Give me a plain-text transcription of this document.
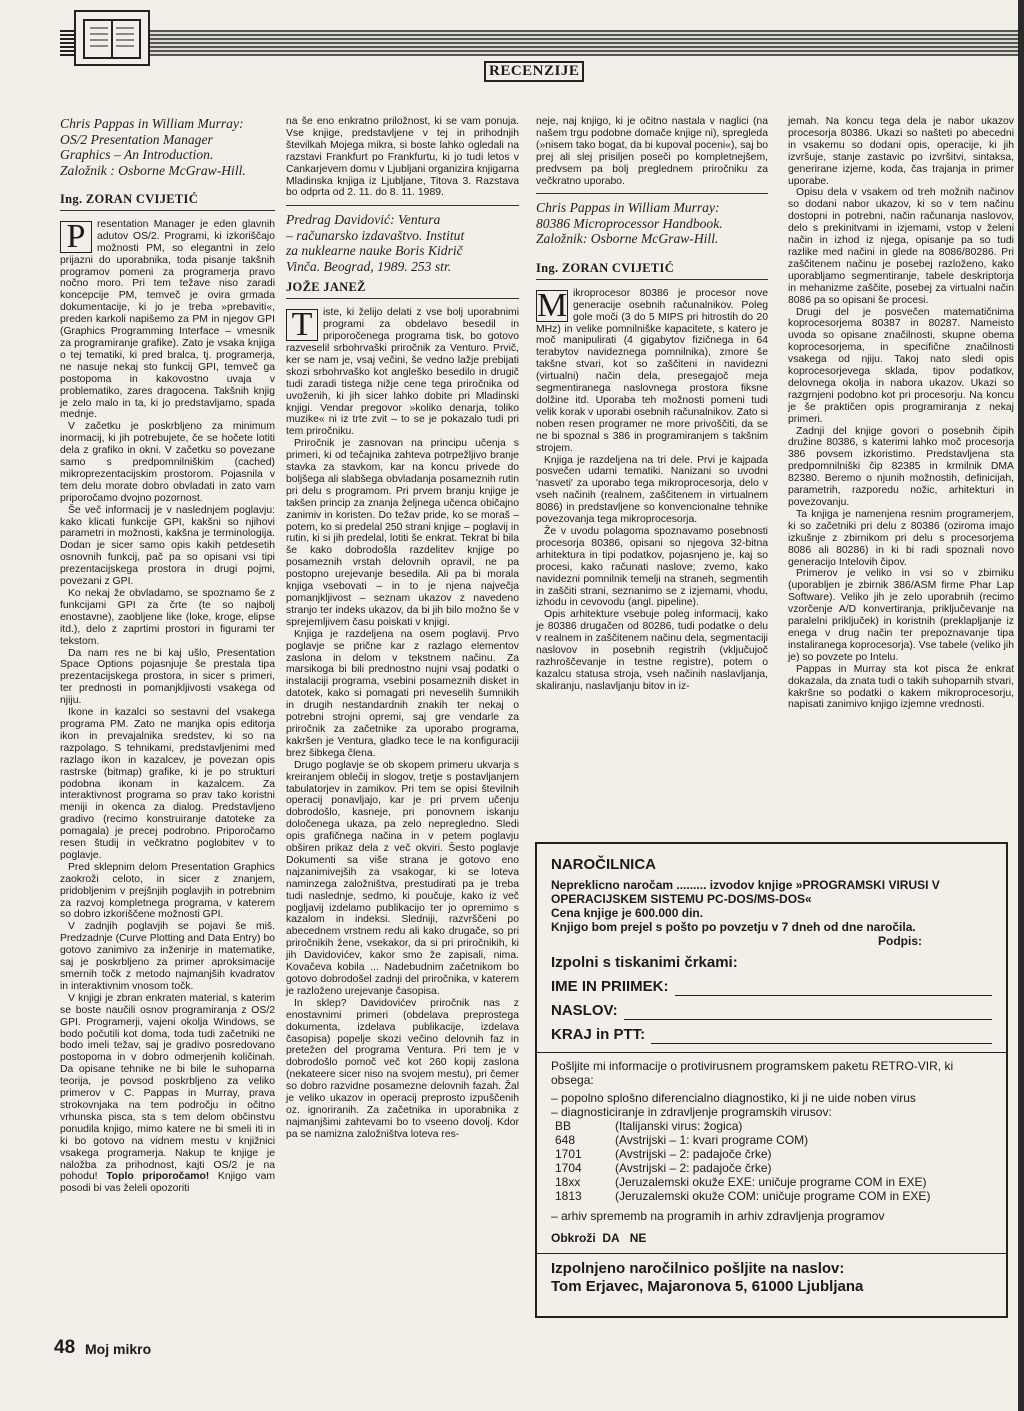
RECENZIJE
Chris Pappas in William Murray:
OS/2 Presentation Manager
Graphics – An Introduction.
Založnik : Osborne McGraw-Hill.
Ing. ZORAN CVIJETIĆ

P	resentation Manager je eden glavnih adutov OS/2. Programi, ki izkoriščajo možnosti PM, so elegantni in zelo prijazni do uporabnika, toda pisanje takšnih programov pomeni za programerja pravo nočno moro. Pri tem težave niso zaradi koncepcije PM, temveč je ovira grmada dokumentacije, ki jo je treba »prebaviti«, preden karkoli napišemo za PM in njegov GPI (Graphics Programming Interface – vmesnik za programiranje grafike). Zato je vsaka knjiga o tej tematiki, ki pred bralca, tj. programerja, ne nasuje nekaj sto funkcij GPI, temveč ga postopoma in kakovostno uvaja v problematiko, zares dragocena. Takšnih knjig je zelo malo in ta, ki jo predstavljamo, spada mednje.

V začetku je poskrbljeno za minimum inormacij, ki jih potrebujete, če se hočete lotiti dela z grafiko in okni. V začetku so povezane samo s predpomnilniškim (cached) mikroprezentacijskim prostorom. Pojasnila v tem delu morate dobro obvladati in zato vam priporočamo dvojno pozornost.

Še več informacij je v naslednjem poglavju: kako klicati funkcije GPI, kakšni so njihovi parametri in možnosti, kakšna je terminologija. Dodan je sicer samo opis kakih petdesetih osnovnih funkcij, pač pa so opisani vsi tipi prezentacijskega prostora in drugi pojmi, povezani z GPI.

Ko nekaj že obvladamo, se spoznamo še z funkcijami GPI za črte (te so najbolj enostavne), zaobljene like (loke, kroge, elipse itd.), delo z zaprtimi prostori in figurami ter tekstom.

Da nam res ne bi kaj ušlo, Presentation Space Options pojasnjuje še prestala tipa prezentacijskega prostora, in sicer s primeri, ter prednosti in pomanjkljivosti vsakega od njiju.

Ikone in kazalci so sestavni del vsakega programa PM. Zato ne manjka opis editorja ikon in prevajalnika sredstev, ki so na razpolago. S tehnikami, predstavljenimi med razlago ikon in kazalcev, je povezan opis rastrske (bitmap) grafike, ki je po strukturi podobna ikonam in kazalcem. Za interaktivnost programa so prav tako koristni meniji in okenca za dialog. Predstavljeno gradivo (recimo konstruiranje datoteke za pomagala) je precej podrobno. Priporočamo resen študij in večkratno poglobitev v to poglavje.

Pred sklepnim delom Presentation Graphics zaokroži celoto, in sicer z znanjem, pridobljenim v prejšnjih poglavjih in potrebnim za razvoj kompletnega programa, v katerem so dobro izkoriščene možnosti GPI.

V zadnjih poglavjih se pojavi še miš. Predzadnje (Curve Plotting and Data Entry) bo gotovo zanimivo za inženirje in matematike, saj je poskrbljeno za primer aproksimacije smernih točk z metodo najmanjših kvadratov in interaktivnim vnosom točk.

V knjigi je zbran enkraten material, s katerim se boste naučili osnov programiranja z OS/2 GPI. Programerji, vajeni okolja Windows, se bodo počutili kot doma, toda tudi začetniki ne bodo imeli težav, saj je gradivo posredovano postopoma in v dobro odmerjenih količinah. Da opisane tehnike ne bi bile le suhoparna teorija, je povsod poskrbljeno za veliko primerov v C. Pappas in Murray, prava strokovnjaka na tem področju in očitno vrhunska pisca, sta s tem delom občinstvu ponudila knjigo, mimo katere ne bi smeli iti in ki bo gotovo na vidnem mestu v knjižnici vsakega programerja. Nakup te knjige je naložba za prihodnost, kajti OS/2 je na pohodu! Toplo priporočamo! Knjigo vam posodi bi vas želeli opozoriti

na še eno enkratno priložnost, ki se vam ponuja. Vse knjige, predstavljene v tej in prihodnjih številkah Mojega mikra, si boste lahko ogledali na razstavi Frankfurt po Frankfurtu, ki jo tudi letos v Cankarjevem domu v Ljubljani organizira knjigarna Mladinska knjiga iz Ljubljane, Titova 3. Razstava bo odprta od 2. 11. do 8. 11. 1989.

Predrag Davidović: Ventura
– računarsko izdavaštvo. Institut
za nuklearne nauke Boris Kidrič
Vinča. Beograd, 1989. 253 str.
JOŽE JANEŽ

T	iste, ki želijo delati z vse bolj uporabnimi programi za obdelavo besedil in priporočenega programa tisk, bo gotovo razveselil srbohrvaški priročnik za Venturo. Prvič, ker se nam je, vsaj večini, še vedno lažje prebijati skozi srbohrvaško kot angleško besedilo in drugič tudi zaradi tistega nižje cene tega priročnika od uvoženih, ki jih sicer lahko dobite pri Mladinski knjigi. Vendar pregovor »koliko denarja, toliko muzike« ni iz trte zvit – to se je pokazalo tudi pri tem priročniku.

Priročnik je zasnovan na principu učenja s primeri, ki od tečajnika zahteva potrpežljivo branje stavka za stavkom, kar na koncu privede do boljšega ali slabšega obvladanja posameznih rutin pri delu s programom. Pri prvem branju knjige je takšen princip za znanja željnega učenca običajno zanimiv in koristen. Do težav pride, ko se moraš – potem, ko si predelal 250 strani knjige – poglavij in rutin, ki si jih predelal, lotiti še enkrat. Tekrat bi bila še kako dobrodošla razdelitev knjige po posameznih vrstah delovnih opravil, ne pa postopno urejevanje besedila. Ali pa bi morala knjiga vsebovati – in to je njena največja pomanjkljivost – seznam ukazov z navedeno stranjo ter indeks ukazov, da bi jih bilo možno še v sprejemljivem času poiskati v knjigi.

Knjiga je razdeljena na osem poglavij. Prvo poglavje se prične kar z razlago elementov zaslona in delom v tekstnem načinu. Za marsikoga bi bili prednostno nujni vsaj podatki o instalaciji programa, vsebini posameznih disket in datotek, kako si pomagati pri neveselih šumnikih in drugih nestandardnih znakih ter nekaj o potrebni strojni opremi, saj gre vendarle za priročnik za začetnike za uporabo programa, kakršen je Ventura, gladko tece le na konfiguraciji brez šibkega člena.

Drugo poglavje se ob skopem primeru ukvarja s kreiranjem oblečij in slogov, tretje s postavljanjem tabulatorjev in zamikov. Pri tem se opisi številnih operacij ponavljajo, kar je pri prvem učenju dobrodošlo, kasneje, pri ponovnem iskanju določenega ukaza, pa zelo nepregledno. Sledi opis grafičnega načina in v petem poglavju obširen prikaz dela z več okviri. Šesto poglavje Dokumenti sa više strana je gotovo eno najzanimivejših za vsakogar, ki se loteva naminzega založništva, prestudirati pa je treba tudi naslednje, sedmo, ki poučuje, kako iz več pogljavij izdelamo publikacijo ter jo opremimo s kazalom in indeksi. Sledniji, razvrščeni po abecednem vrstnem redu ali kako drugače, so pri priročnikih žene, vsekakor, da si pri priročnikih, ki jih Davidovićev, kakor smo že zapisali, nima. Kovačeva kobila ... Nadebudnim začetnikom bo gotovo dobrodošel zadnji del priročnika, v katerem je razloženo urejevanje časopisa.

In sklep? Davidovićev priročnik nas z enostavnimi primeri (obdelava preprostega dokumenta, izdelava publikacije, izdelava časopisa) popelje skozi večino delovnih faz in pretežen del programa Ventura. Pri tem je v dobrodošlo pomoč več kot 260 kopij zaslona (nekateere sicer niso na svojem mestu), pri čemer so dobro razvidne posamezne delovnih fazah. Žal je veliko ukazov in operacij preprosto izpuščenih oz. ignoriranih. Za začetnika in uporabnika z najmanjšimi zahtevami bo to vseeno dovolj. Kdor pa se namizna založništva loteva res-

neje, naj knjigo, ki je očitno nastala v naglici (na našem trgu podobne domače knjige ni), spregleda (»nisem tako bogat, da bi kupoval poceni«), saj bo prej ali slej prisiljen poseči po kompletnejšem, predvsem pa bolj preglednem priročniku za večkratno uporabo.

Chris Pappas in William Murray:
80386 Microprocessor Handbook.
Založnik: Osborne McGraw-Hill.
Ing. ZORAN CVIJETIĆ

M ikroprocesor 80386 je procesor nove generacije osebnih računalnikov. Poleg gole moči (3 do 5 MIPS pri hitrostih do 20 MHz) in velike pomnilniške kapacitete, s katero je moč manipulirati (4 gigabytov fizičnega in 64 terabytov navideznega pomnilnika), zmore še takšne stvari, kot so zaščiteni in navidezni (virtualni) način dela, presegajoč meja segmentiranega naslovnega prostora fiksne dolžine itd. Uporaba teh možnosti pomeni tudi velik korak v uporabi osebnih računalnikov. Zato si noben resen programer ne more privoščiti, da se ne bi spoznal s 386 in programiranjem s takšnim strojem.

Knjiga je razdeljena na tri dele. Prvi je kajpada posvečen udarni tematiki. Nanizani so uvodni 'nasveti' za uporabo tega mikroprocesorja, delo v vseh načinih (realnem, zaščitenem in virtualnem 8086) in predstavljene so konvencionalne tehnike povezovanja tega mikroprocesorja.

Že v uvodu polagoma spoznavamo posebnosti procesorja 80386, opisani so njegova 32-bitna arhitektura in tipi podatkov, pojasnjeno je, kaj so procesi, kako računati naslove; zvemo, kako navidezni pomnilnik temelji na straneh, segmentih in zaščiti strani, seznanimo se z izjemami, vhodu, izhodu in cevovodu (angl. pipeline).

Opis arhitekture vsebuje poleg informacij, kako je 80386 drugačen od 80286, tudi podatke o delu v realnem in zaščitenem načinu dela, segmentaciji naslovov in posebnih registrih (vključujoč razhroščevanje in testne registre), potem o kazalcu statusa stroja, vseh načinih naslavljanja, skaliranju, naslavljanju bitov in iz-

jemah. Na koncu tega dela je nabor ukazov procesorja 80386. Ukazi so našteti po abecedni in vsakemu so dodani opis, operacije, ki jih izvršuje, stanje zastavic po izvršitvi, sintaksa, generirane izjeme, koda, čas trajanja in primer uporabe.

Opisu dela v vsakem od treh možnih načinov so dodani nabor ukazov, ki so v tem načinu dostopni in potrebni, način računanja naslovov, delo s prekinitvami in izjemami, vstop v želeni način in izhod iz njega, opisanje pa so tudi razlike med načini in glede na 8086/80286. Pri zaščitenem načinu je posebej razloženo, kako uporabljamo segmentiranje, tabele deskriptorja in mehanizme zaščite, posebej za virtualni način 8086 pa so opisani še procesi.

Drugi del je posvečen matematičnima koprocesorjema 80387 in 80287. Nameisto uvoda so opisane značilnosti, skupne obema koprocesorjema, in specifične značilnosti vsakega od njiju. Takoj nato sledi opis koprocesorjevega sklada, tipov podatkov, delovnega okolja in nabora ukazov. Ukazi so razgrnjeni podobno kot pri procesorju. Na koncu je še praktičen opis programiranja z nekaj primeri.

Zadnji del knjige govori o posebnih čipih družine 80386, s katerimi lahko moč procesorja 386 povsem izkoristimo. Predstavljena sta predpomnilniški čip 82385 in krmilnik DMA 82380. Beremo o njunih možnostih, definicijah, parametrih, razporedu nožic, arhitekturi in povezovanju.

Ta knjiga je namenjena resnim programerjem, ki so začetniki pri delu z 80386 (oziroma imajo izkušnje z zbirnikom pri delu s procesorjema 8086 ali 80286) in ki bi radi spoznali novo generacijo Intelovih čipov.

Primerov je veliko in vsi so v zbirniku (uporabljen je zbirnik 386/ASM firme Phar Lap Software). Veliko jih je zelo uporabnih (recimo vzorčenje A/D konvertiranja, priključevanje na paralelni priključek) in koristnih (preklapljanje iz enega v drug način ter prepoznavanje tipa instaliranega koprocesorja). Vse tabele (veliko jih je) so povzete po Intelu.

Pappas in Murray sta kot pisca že enkrat dokazala, da znata tudi o takih suhoparnih stvari, kakršne so podatki o kakem mikroprocesorju, napisati zanimivo knjigo izjemne vrednosti.

NAROČILNICA
Nepreklicno naročam ......... izvodov knjige »PROGRAMSKI VIRUSI V OPERACIJSKEM SISTEMU PC-DOS/MS-DOS«
Cena knjige je 600.000 din.
Knjigo bom prejel s pošto po povzetju v 7 dneh od dne naročila.
Podpis:
Izpolni s tiskanimi črkami:
IME IN PRIIMEK:
NASLOV:
KRAJ in PTT:
Pošljite mi informacije o protivirusnem programskem paketu RETRO-VIR, ki obsega:
– popolno splošno diferencialno diagnostiko, ki ji ne uide noben virus
– diagnosticiranje in zdravljenje programskih virusov:
BB	(Italijanski virus: žogica)
648	(Avstrijski – 1: kvari programe COM)
1701	(Avstrijski – 2: padajoče črke)
1704	(Avstrijski – 2: padajoče črke)
18xx	(Jeruzalemski okuže EXE: uničuje programe COM in EXE)
1813	(Jeruzalemski okuže COM: uničuje programe COM in EXE)
– arhiv sprememb na programih in arhiv zdravljenja programov
Obkroži DA NE
Izpolnjeno naročilnico pošljite na naslov:
Tom Erjavec, Majaronova 5, 61000 Ljubljana
48 Moj mikro
